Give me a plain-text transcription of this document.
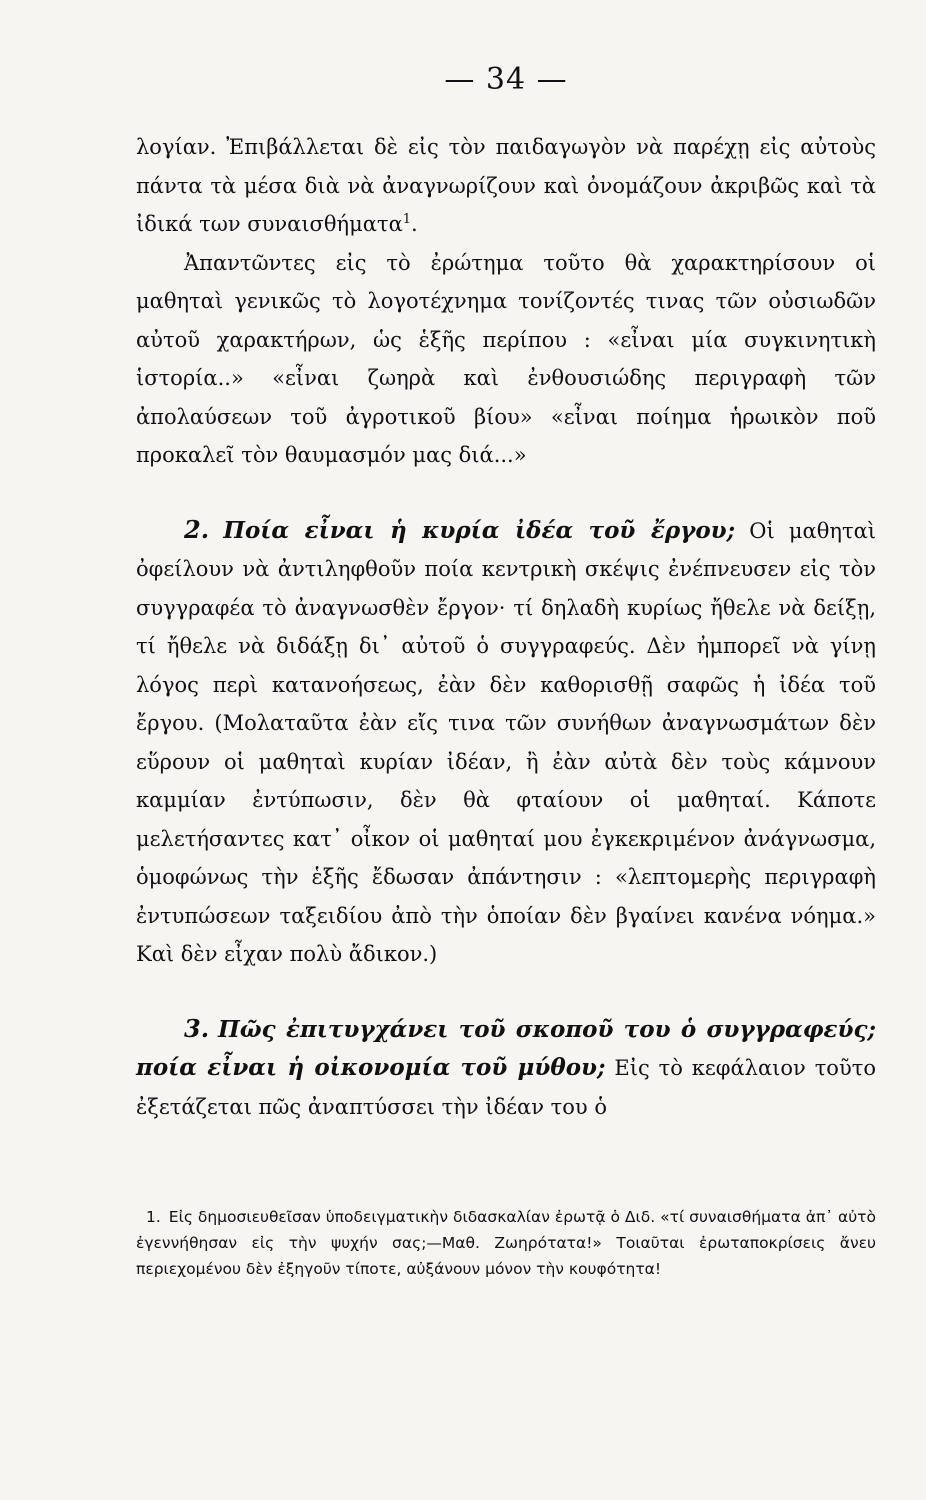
— 34 —

λογίαν. Ἐπιβάλλεται δὲ εἰς τὸν παιδαγωγὸν νὰ παρέχῃ εἰς αὐτοὺς πάντα τὰ μέσα διὰ νὰ ἀναγνωρίζουν καὶ ὀνομάζουν ἀκριβῶς καὶ τὰ ἰδικά των συναισθήματα$^1$.

Ἀπαντῶντες εἰς τὸ ἐρώτημα τοῦτο θὰ χαρακτηρίσουν οἱ μαθηταὶ γενικῶς τὸ λογοτέχνημα τονίζοντές τινας τῶν οὐσιωδῶν αὐτοῦ χαρακτήρων, ὡς ἑξῆς περίπου : «εἶναι μία συγκινητικὴ ἱστορία..» «εἶναι ζωηρὰ καὶ ἐνθουσιώδης περιγραφὴ τῶν ἀπολαύσεων τοῦ ἀγροτικοῦ βίου» «εἶναι ποίημα ἡρωικὸν ποῦ προκαλεῖ τὸν θαυμασμόν μας διά...»

2. Ποία εἶναι ἡ κυρία ἰδέα τοῦ ἔργου; Οἱ μαθηταὶ ὀφείλουν νὰ ἀντιληφθοῦν ποία κεντρικὴ σκέψις ἐνέπνευσεν εἰς τὸν συγγραφέα τὸ ἀναγνωσθὲν ἔργον· τί δηλαδὴ κυρίως ἤθελε νὰ δείξῃ, τί ἤθελε νὰ διδάξῃ δι᾽ αὐτοῦ ὁ συγγραφεύς. Δὲν ἠμπορεῖ νὰ γίνῃ λόγος περὶ κατανοήσεως, ἐὰν δὲν καθορισθῇ σαφῶς ἡ ἰδέα τοῦ ἔργου. (Μολαταῦτα ἐὰν εἴς τινα τῶν συνήθων ἀναγνωσμάτων δὲν εὕρουν οἱ μαθηταὶ κυρίαν ἰδέαν, ἢ ἐὰν αὐτὰ δὲν τοὺς κάμνουν καμμίαν ἐντύπωσιν, δὲν θὰ φταίουν οἱ μαθηταί. Κάποτε μελετήσαντες κατ᾽ οἶκον οἱ μαθηταί μου ἐγκεκριμένον ἀνάγνωσμα, ὁμοφώνως τὴν ἑξῆς ἔδωσαν ἀπάντησιν : «λεπτομερὴς περιγραφὴ ἐντυπώσεων ταξειδίου ἀπὸ τὴν ὁποίαν δὲν βγαίνει κανένα νόημα.» Καὶ δὲν εἶχαν πολὺ ἄδικον.)

3. Πῶς ἐπιτυγχάνει τοῦ σκοποῦ του ὁ συγγραφεύς; ποία εἶναι ἡ οἰκονομία τοῦ μύθου; Εἰς τὸ κεφάλαιον τοῦτο ἐξετάζεται πῶς ἀναπτύσσει τὴν ἰδέαν του ὁ

1. Εἰς δημοσιευθεῖσαν ὑποδειγματικὴν διδασκαλίαν ἐρωτᾷ ὁ Διδ. «τί συναισθήματα ἀπ᾽ αὐτὸ ἐγεννήθησαν εἰς τὴν ψυχήν σας;—Μαθ. Ζωηρότατα!» Τοιαῦται ἐρωταποκρίσεις ἄνευ περιεχομένου δὲν ἐξηγοῦν τίποτε, αὐξάνουν μόνον τὴν κουφότητα!
